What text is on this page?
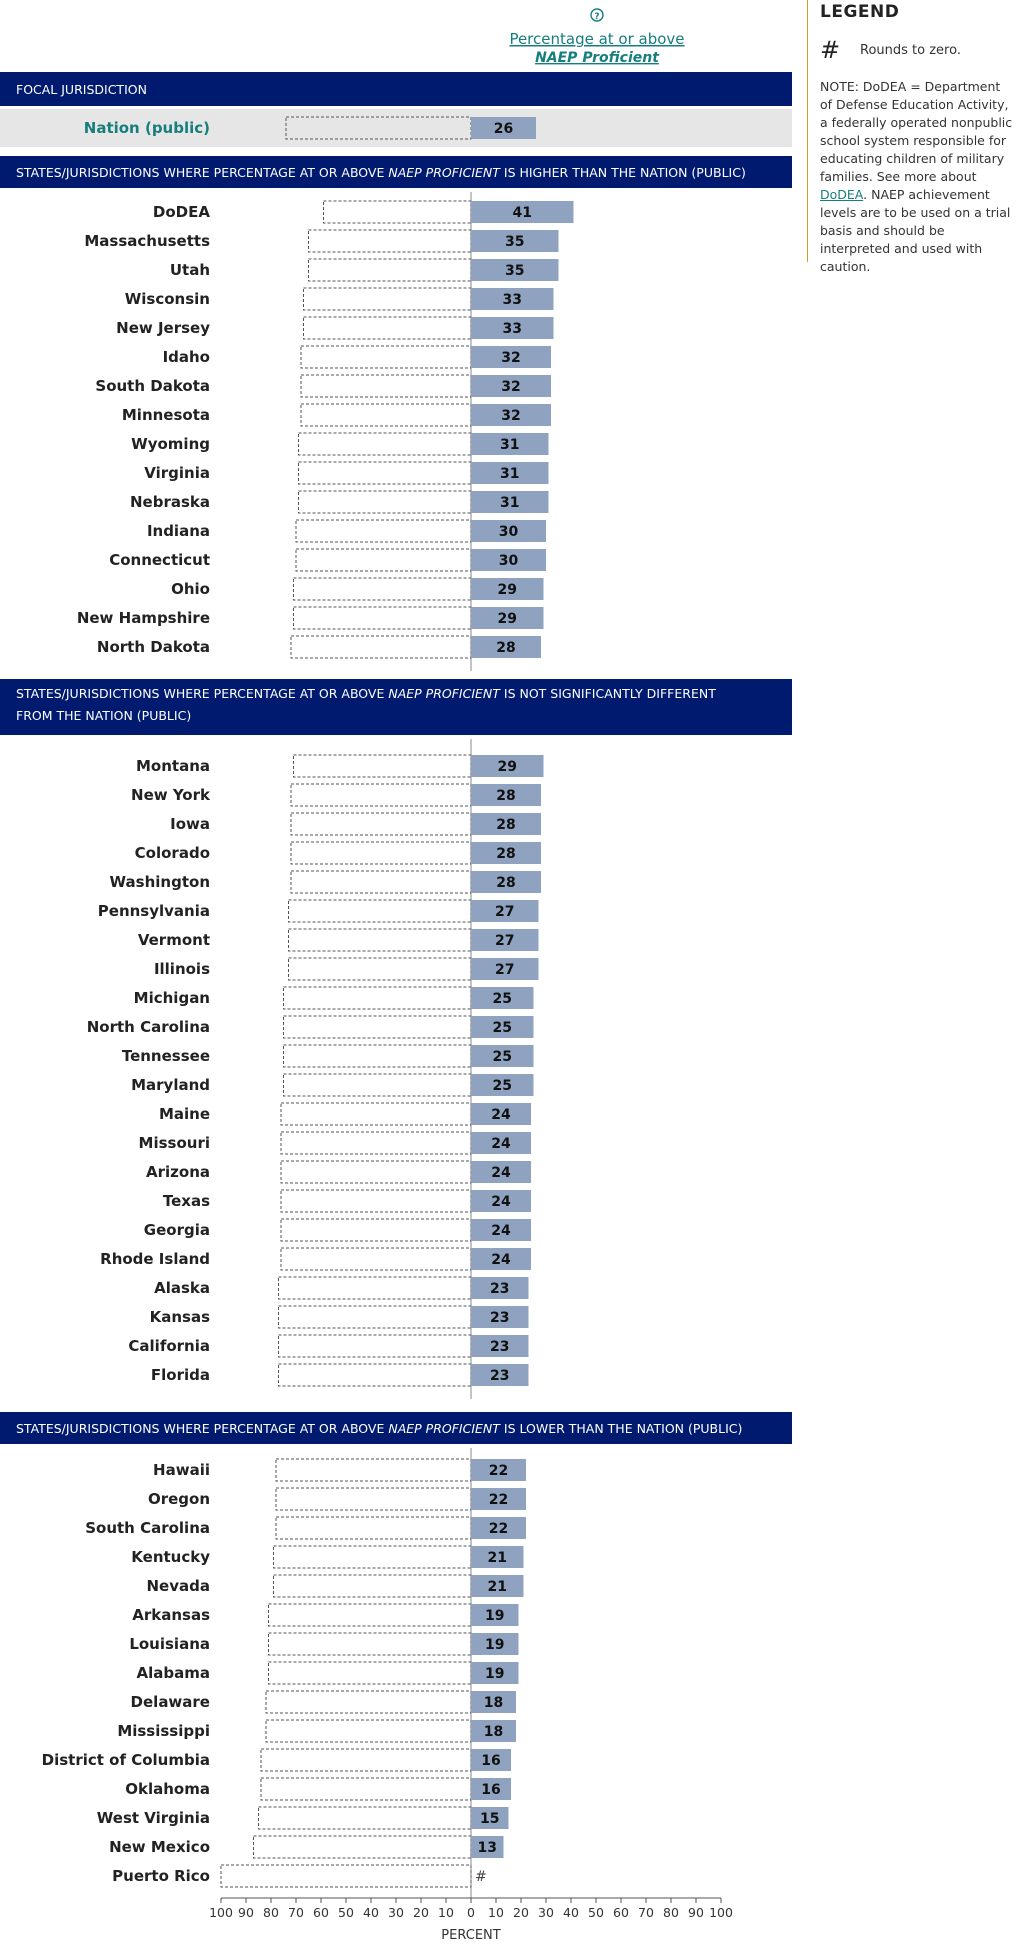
?
Percentage at or above
NAEP Proficient
FOCAL JURISDICTION
Nation (public)	26
STATES/JURISDICTIONS WHERE PERCENTAGE AT OR ABOVE NAEP PROFICIENT IS HIGHER THAN THE NATION (PUBLIC)
DoDEA	41
Massachusetts	35
Utah	35
Wisconsin	33
New Jersey	33
Idaho	32
South Dakota	32
Minnesota	32
Wyoming	31
Virginia	31
Nebraska	31
Indiana	30
Connecticut	30
Ohio	29
New Hampshire	29
North Dakota	28
STATES/JURISDICTIONS WHERE PERCENTAGE AT OR ABOVE NAEP PROFICIENT IS NOT SIGNIFICANTLY DIFFERENT
FROM THE NATION (PUBLIC)
Montana	29
New York	28
Iowa	28
Colorado	28
Washington	28
Pennsylvania	27
Vermont	27
Illinois	27
Michigan	25
North Carolina	25
Tennessee	25
Maryland	25
Maine	24
Missouri	24
Arizona	24
Texas	24
Georgia	24
Rhode Island	24
Alaska	23
Kansas	23
California	23
Florida	23
STATES/JURISDICTIONS WHERE PERCENTAGE AT OR ABOVE NAEP PROFICIENT IS LOWER THAN THE NATION (PUBLIC)
Hawaii	22
Oregon	22
South Carolina	22
Kentucky	21
Nevada	21
Arkansas	19
Louisiana	19
Alabama	19
Delaware	18
Mississippi	18
District of Columbia	16
Oklahoma	16
West Virginia	15
New Mexico	13
Puerto Rico	#
100 90 80 70 60 50 40 30 20 10 0 10 20 30 40 50 60 70 80 90 100
PERCENT
LEGEND
#	Rounds to zero.
NOTE: DoDEA = Department of Defense Education Activity, a federally operated nonpublic school system responsible for educating children of military families. See more about DoDEA. NAEP achievement levels are to be used on a trial basis and should be interpreted and used with caution.
